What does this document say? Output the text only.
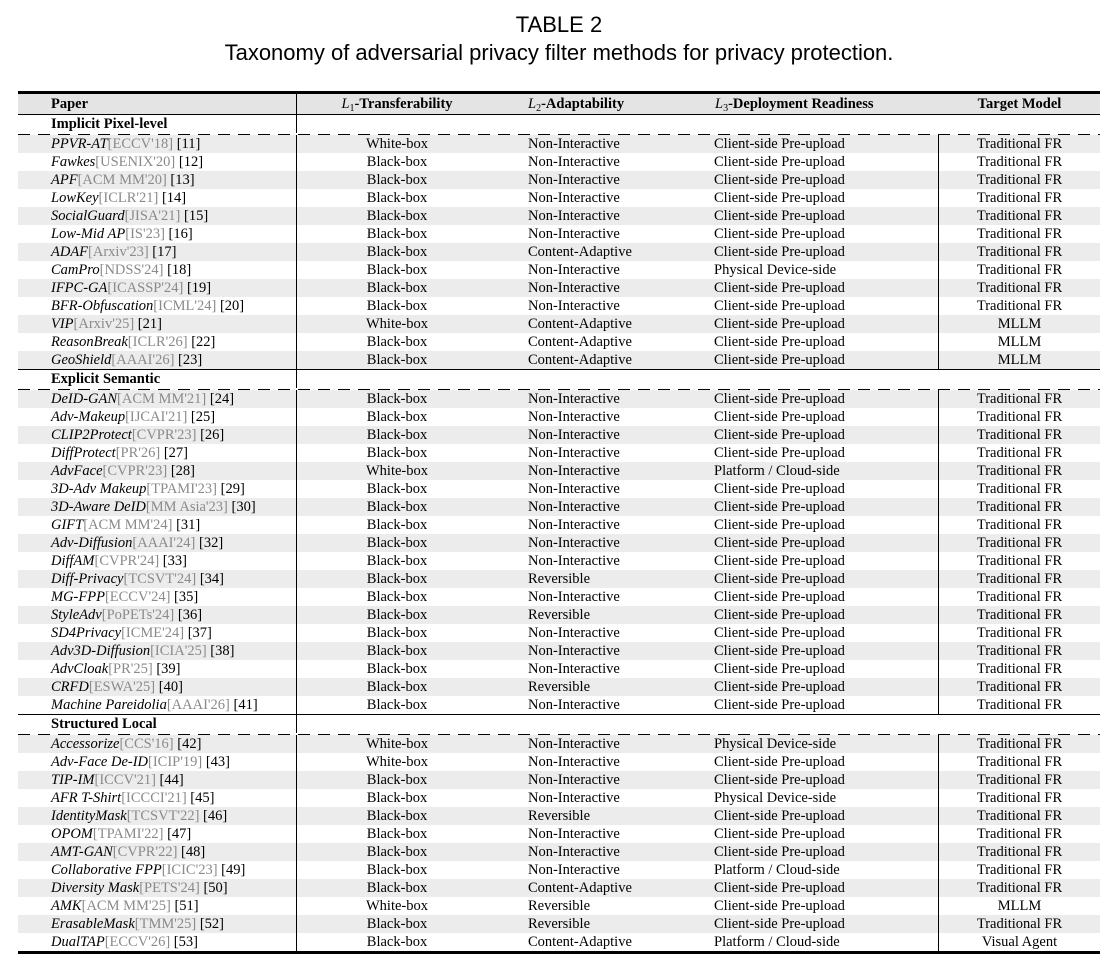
TABLE 2
Taxonomy of adversarial privacy filter methods for privacy protection.
Paper	$L_1$-Transferability	$L_2$-Adaptability	$L_3$-Deployment Readiness	Target Model
Implicit Pixel-level
PPVR-AT[ECCV'18] [11]	White-box	Non-Interactive	Client-side Pre-upload	Traditional FR
Fawkes[USENIX'20] [12]	Black-box	Non-Interactive	Client-side Pre-upload	Traditional FR
APF[ACM MM'20] [13]	Black-box	Non-Interactive	Client-side Pre-upload	Traditional FR
LowKey[ICLR'21] [14]	Black-box	Non-Interactive	Client-side Pre-upload	Traditional FR
SocialGuard[JISA'21] [15]	Black-box	Non-Interactive	Client-side Pre-upload	Traditional FR
Low-Mid AP[IS'23] [16]	Black-box	Non-Interactive	Client-side Pre-upload	Traditional FR
ADAF[Arxiv'23] [17]	Black-box	Content-Adaptive	Client-side Pre-upload	Traditional FR
CamPro[NDSS'24] [18]	Black-box	Non-Interactive	Physical Device-side	Traditional FR
IFPC-GA[ICASSP'24] [19]	Black-box	Non-Interactive	Client-side Pre-upload	Traditional FR
BFR-Obfuscation[ICML'24] [20]	Black-box	Non-Interactive	Client-side Pre-upload	Traditional FR
VIP[Arxiv'25] [21]	White-box	Content-Adaptive	Client-side Pre-upload	MLLM
ReasonBreak[ICLR'26] [22]	Black-box	Content-Adaptive	Client-side Pre-upload	MLLM
GeoShield[AAAI'26] [23]	Black-box	Content-Adaptive	Client-side Pre-upload	MLLM
Explicit Semantic
DeID-GAN[ACM MM'21] [24]	Black-box	Non-Interactive	Client-side Pre-upload	Traditional FR
Adv-Makeup[IJCAI'21] [25]	Black-box	Non-Interactive	Client-side Pre-upload	Traditional FR
CLIP2Protect[CVPR'23] [26]	Black-box	Non-Interactive	Client-side Pre-upload	Traditional FR
DiffProtect[PR'26] [27]	Black-box	Non-Interactive	Client-side Pre-upload	Traditional FR
AdvFace[CVPR'23] [28]	White-box	Non-Interactive	Platform / Cloud-side	Traditional FR
3D-Adv Makeup[TPAMI'23] [29]	Black-box	Non-Interactive	Client-side Pre-upload	Traditional FR
3D-Aware DeID[MM Asia'23] [30]	Black-box	Non-Interactive	Client-side Pre-upload	Traditional FR
GIFT[ACM MM'24] [31]	Black-box	Non-Interactive	Client-side Pre-upload	Traditional FR
Adv-Diffusion[AAAI'24] [32]	Black-box	Non-Interactive	Client-side Pre-upload	Traditional FR
DiffAM[CVPR'24] [33]	Black-box	Non-Interactive	Client-side Pre-upload	Traditional FR
Diff-Privacy[TCSVT'24] [34]	Black-box	Reversible	Client-side Pre-upload	Traditional FR
MG-FPP[ECCV'24] [35]	Black-box	Non-Interactive	Client-side Pre-upload	Traditional FR
StyleAdv[PoPETs'24] [36]	Black-box	Reversible	Client-side Pre-upload	Traditional FR
SD4Privacy[ICME'24] [37]	Black-box	Non-Interactive	Client-side Pre-upload	Traditional FR
Adv3D-Diffusion[ICIA'25] [38]	Black-box	Non-Interactive	Client-side Pre-upload	Traditional FR
AdvCloak[PR'25] [39]	Black-box	Non-Interactive	Client-side Pre-upload	Traditional FR
CRFD[ESWA'25] [40]	Black-box	Reversible	Client-side Pre-upload	Traditional FR
Machine Pareidolia[AAAI'26] [41]	Black-box	Non-Interactive	Client-side Pre-upload	Traditional FR
Structured Local
Accessorize[CCS'16] [42]	White-box	Non-Interactive	Physical Device-side	Traditional FR
Adv-Face De-ID[ICIP'19] [43]	White-box	Non-Interactive	Client-side Pre-upload	Traditional FR
TIP-IM[ICCV'21] [44]	Black-box	Non-Interactive	Client-side Pre-upload	Traditional FR
AFR T-Shirt[ICCCI'21] [45]	Black-box	Non-Interactive	Physical Device-side	Traditional FR
IdentityMask[TCSVT'22] [46]	Black-box	Reversible	Client-side Pre-upload	Traditional FR
OPOM[TPAMI'22] [47]	Black-box	Non-Interactive	Client-side Pre-upload	Traditional FR
AMT-GAN[CVPR'22] [48]	Black-box	Non-Interactive	Client-side Pre-upload	Traditional FR
Collaborative FPP[ICIC'23] [49]	Black-box	Non-Interactive	Platform / Cloud-side	Traditional FR
Diversity Mask[PETS'24] [50]	Black-box	Content-Adaptive	Client-side Pre-upload	Traditional FR
AMK[ACM MM'25] [51]	White-box	Reversible	Client-side Pre-upload	MLLM
ErasableMask[TMM'25] [52]	Black-box	Reversible	Client-side Pre-upload	Traditional FR
DualTAP[ECCV'26] [53]	Black-box	Content-Adaptive	Platform / Cloud-side	Visual Agent
